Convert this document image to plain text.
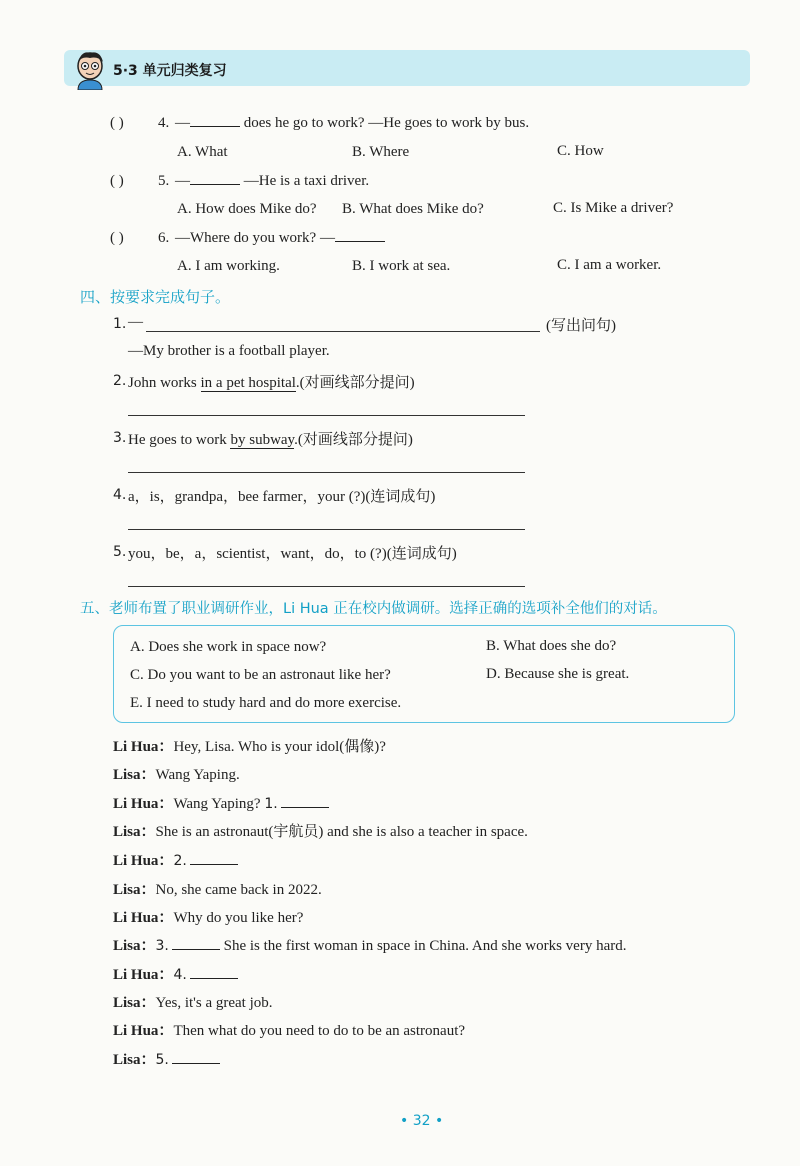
5·3 单元归类复习
( ) 4. —	does he go to work? —He goes to work by bus.
A. What	B. Where	C. How
( ) 5. —	—He is a taxi driver.
A. How does Mike do? B. What does Mike do?	C. Is Mike a driver?
( ) 6. —Where do you work? —
A. I am working.	B. I work at sea.	C. I am a worker.
四、按要求完成句子。
1. —	(写出问句)
—My brother is a football player.
2. John works in a pet hospital.(对画线部分提问)
3. He goes to work by subway.(对画线部分提问)
4. a，is，grandpa，bee farmer，your (?)(连词成句)
5. you，be，a，scientist，want，do，to (?)(连词成句)
五、老师布置了职业调研作业，Li Hua 正在校内做调研。选择正确的选项补全他们的对话。
A. Does she work in space now?	B. What does she do?
C. Do you want to be an astronaut like her?	D. Because she is great.
E. I need to study hard and do more exercise.
Li Hua：Hey, Lisa. Who is your idol(偶像)?
Lisa：Wang Yaping.
Li Hua：Wang Yaping? 1.
Lisa：She is an astronaut(宇航员) and she is also a teacher in space.
Li Hua：2.
Lisa：No, she came back in 2022.
Li Hua：Why do you like her?
Lisa：3.	She is the first woman in space in China. And she works very hard.
Li Hua：4.
Lisa：Yes, it's a great job.
Li Hua：Then what do you need to do to be an astronaut?
Lisa：5.
• 32 •
